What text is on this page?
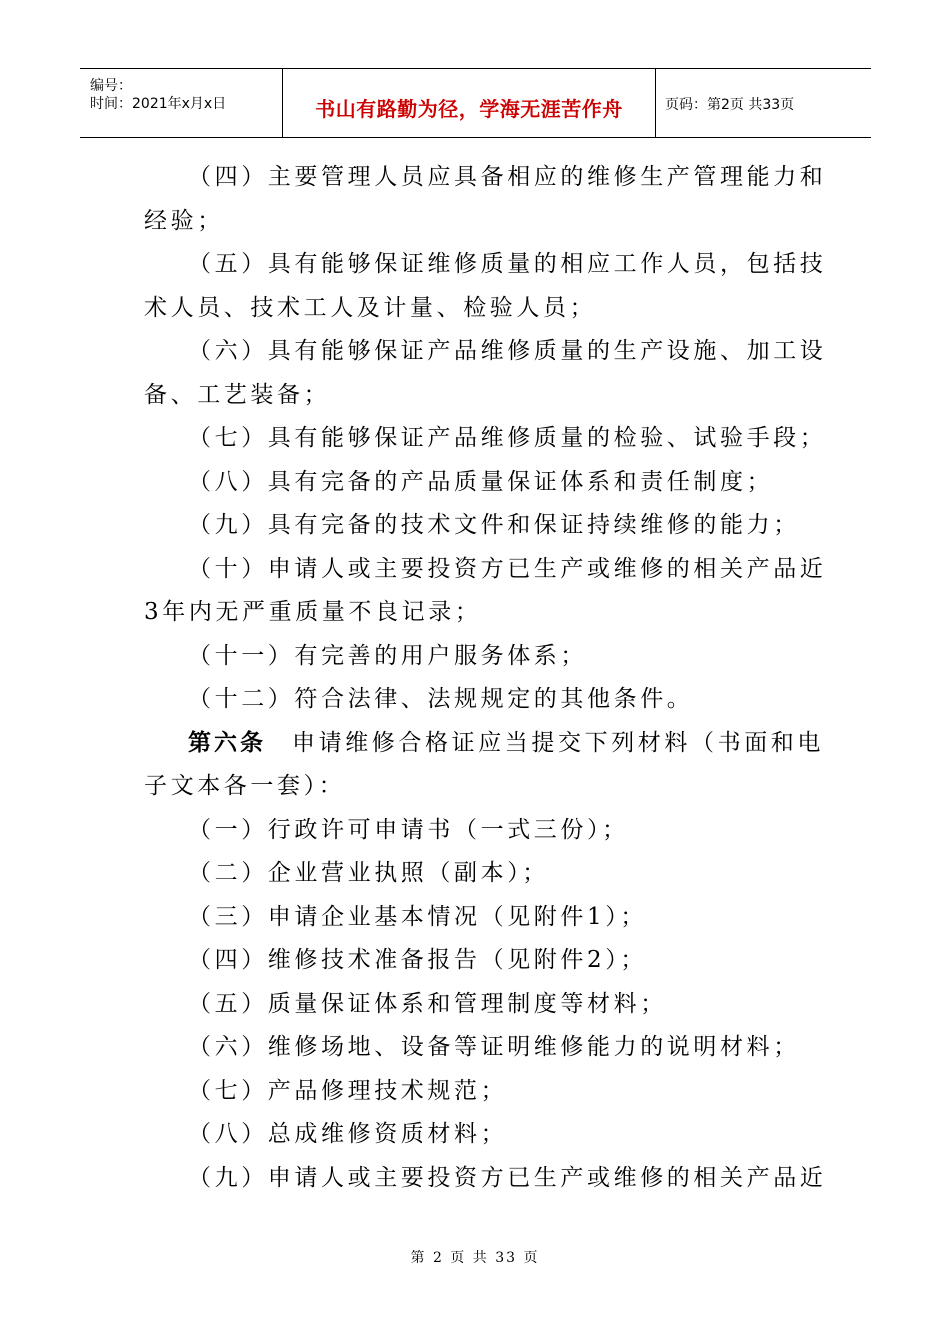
编号：
时间：2021年x月x日	书山有路勤为径，学海无涯苦作舟	页码：第2页 共33页
（四）主要管理人员应具备相应的维修生产管理能力和
经验；
（五）具有能够保证维修质量的相应工作人员，包括技
术人员、技术工人及计量、检验人员；
（六）具有能够保证产品维修质量的生产设施、加工设
备、工艺装备；
（七）具有能够保证产品维修质量的检验、试验手段；
（八）具有完备的产品质量保证体系和责任制度；
（九）具有完备的技术文件和保证持续维修的能力；
（十）申请人或主要投资方已生产或维修的相关产品近
3年内无严重质量不良记录；
（十一）有完善的用户服务体系；
（十二）符合法律、法规规定的其他条件。
第六条 申请维修合格证应当提交下列材料（书面和电
子文本各一套）：
（一）行政许可申请书（一式三份）；
（二）企业营业执照（副本）；
（三）申请企业基本情况（见附件1）；
（四）维修技术准备报告（见附件2）；
（五）质量保证体系和管理制度等材料；
（六）维修场地、设备等证明维修能力的说明材料；
（七）产品修理技术规范；
（八）总成维修资质材料；
（九）申请人或主要投资方已生产或维修的相关产品近
第 2 页 共 33 页
